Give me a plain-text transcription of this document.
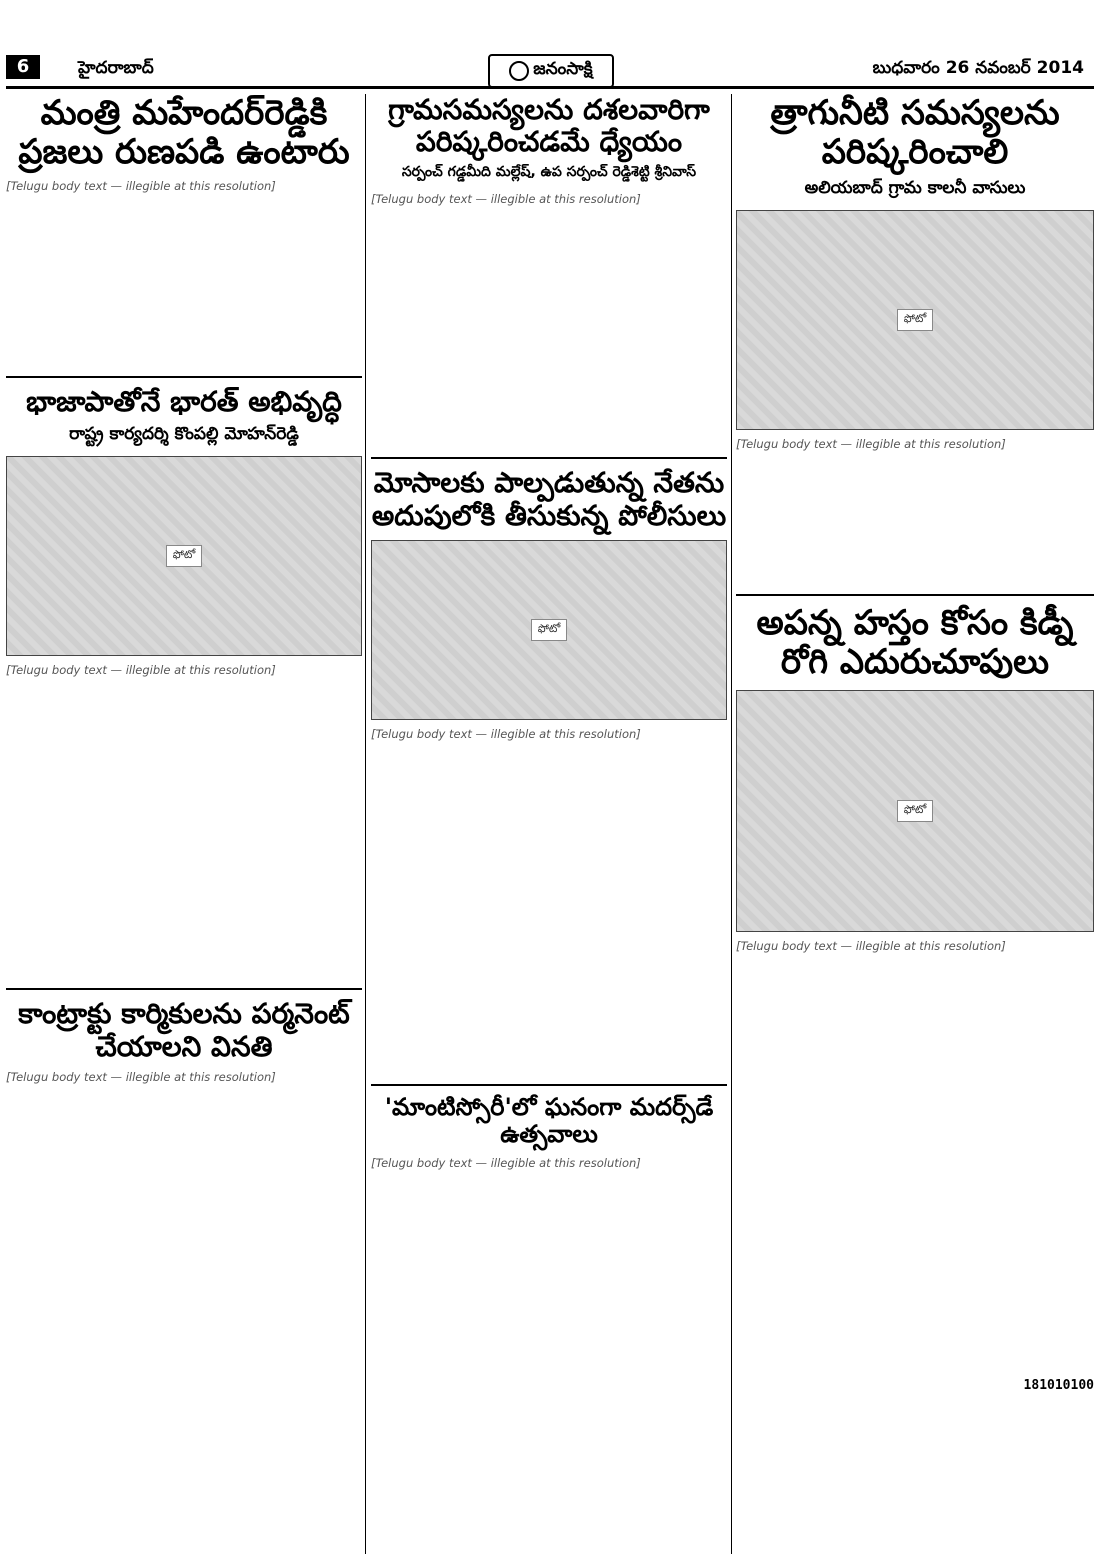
6	హైదరాబాద్	జనంసాక్షి	బుధవారం 26 నవంబర్ 2014
మంత్రి మహేందర్‌రెడ్డికి ప్రజలు రుణపడి ఉంటారు

[Telugu body text — illegible at this resolution]

భాజాపాతోనే భారత్ అభివృద్ధి
రాష్ట్ర కార్యదర్శి కొంపల్లి మోహన్‌రెడ్డి
ఫోటో

[Telugu body text — illegible at this resolution]

కాంట్రాక్టు కార్మికులను పర్మనెంట్ చేయాలని వినతి

[Telugu body text — illegible at this resolution]

గ్రామసమస్యలను దశలవారిగా పరిష్కరించడమే ధ్యేయం
సర్పంచ్ గడ్డమీది మల్లేష్, ఉప సర్పంచ్ రెడ్డిశెట్టి శ్రీనివాస్

[Telugu body text — illegible at this resolution]

మోసాలకు పాల్పడుతున్న నేతను అదుపులోకి తీసుకున్న పోలీసులు
ఫోటో

[Telugu body text — illegible at this resolution]

'మాంటిస్సోరీ'లో ఘనంగా మదర్స్‌డే ఉత్సవాలు

[Telugu body text — illegible at this resolution]

త్రాగునీటి సమస్యలను పరిష్కరించాలి
అలియబాద్ గ్రామ కాలనీ వాసులు
ఫోటో

[Telugu body text — illegible at this resolution]

అపన్న హస్తం కోసం కిడ్నీ రోగి ఎదురుచూపులు
ఫోటో

[Telugu body text — illegible at this resolution]

181010100
